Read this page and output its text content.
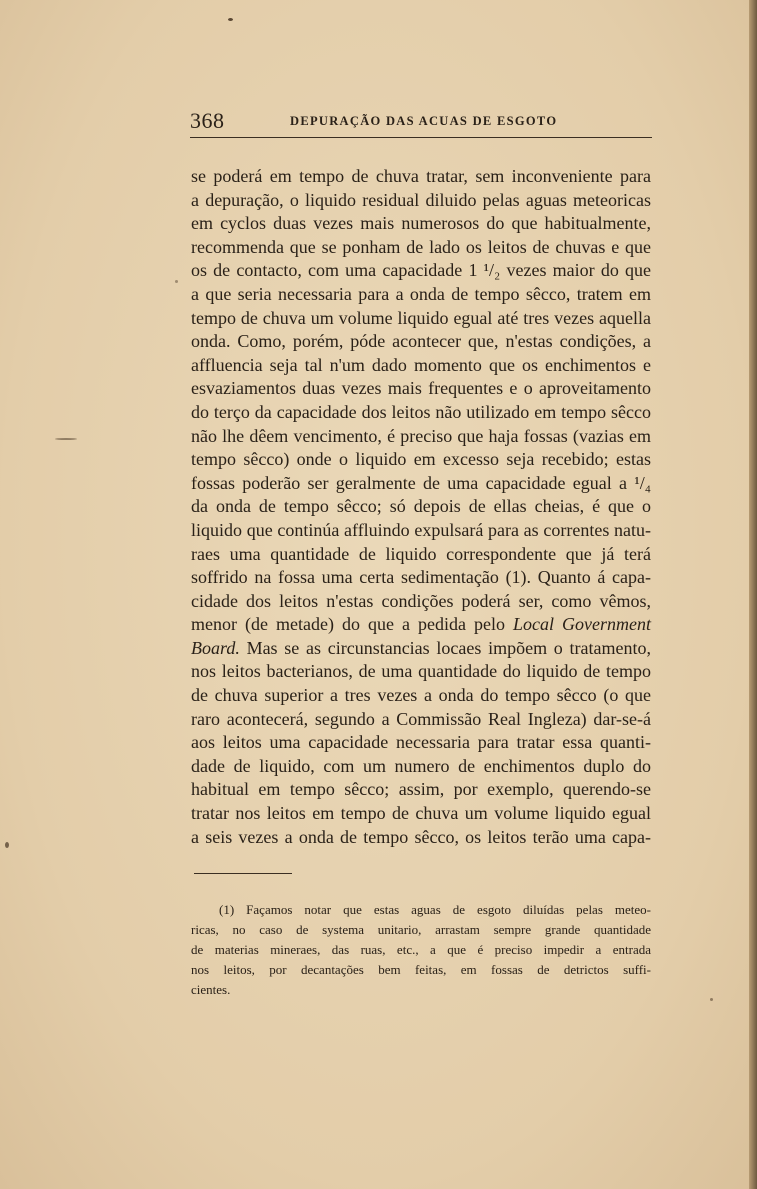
368	DEPURAÇÃO DAS ACUAS DE ESGOTO
se poderá em tempo de chuva tratar, sem inconveniente para
a depuração, o liquido residual diluido pelas aguas meteoricas
em cyclos duas vezes mais numerosos do que habitualmente,
recommenda que se ponham de lado os leitos de chuvas e que
os de contacto, com uma capacidade 1 ¹/₂ vezes maior do que
a que seria necessaria para a onda de tempo sêcco, tratem em
tempo de chuva um volume liquido egual até tres vezes aquella
onda. Como, porém, póde acontecer que, n'estas condições, a
affluencia seja tal n'um dado momento que os enchimentos e
esvaziamentos duas vezes mais frequentes e o aproveitamento
do terço da capacidade dos leitos não utilizado em tempo sêcco
não lhe dêem vencimento, é preciso que haja fossas (vazias em
tempo sêcco) onde o liquido em excesso seja recebido; estas
fossas poderão ser geralmente de uma capacidade egual a ¹/₄
da onda de tempo sêcco; só depois de ellas cheias, é que o
liquido que continúa affluindo expulsará para as correntes natu-
raes uma quantidade de liquido correspondente que já terá
soffrido na fossa uma certa sedimentação (1). Quanto á capa-
cidade dos leitos n'estas condições poderá ser, como vêmos,
menor (de metade) do que a pedida pelo Local Government
Board. Mas se as circunstancias locaes impõem o tratamento,
nos leitos bacterianos, de uma quantidade do liquido de tempo
de chuva superior a tres vezes a onda do tempo sêcco (o que
raro acontecerá, segundo a Commissão Real Ingleza) dar-se-á
aos leitos uma capacidade necessaria para tratar essa quanti-
dade de liquido, com um numero de enchimentos duplo do
habitual em tempo sêcco; assim, por exemplo, querendo-se
tratar nos leitos em tempo de chuva um volume liquido egual
a seis vezes a onda de tempo sêcco, os leitos terão uma capa-
(1) Façamos notar que estas aguas de esgoto diluídas pelas meteo-
ricas, no caso de systema unitario, arrastam sempre grande quantidade
de materias mineraes, das ruas, etc., a que é preciso impedir a entrada
nos leitos, por decantações bem feitas, em fossas de detrictos suffi-
cientes.
